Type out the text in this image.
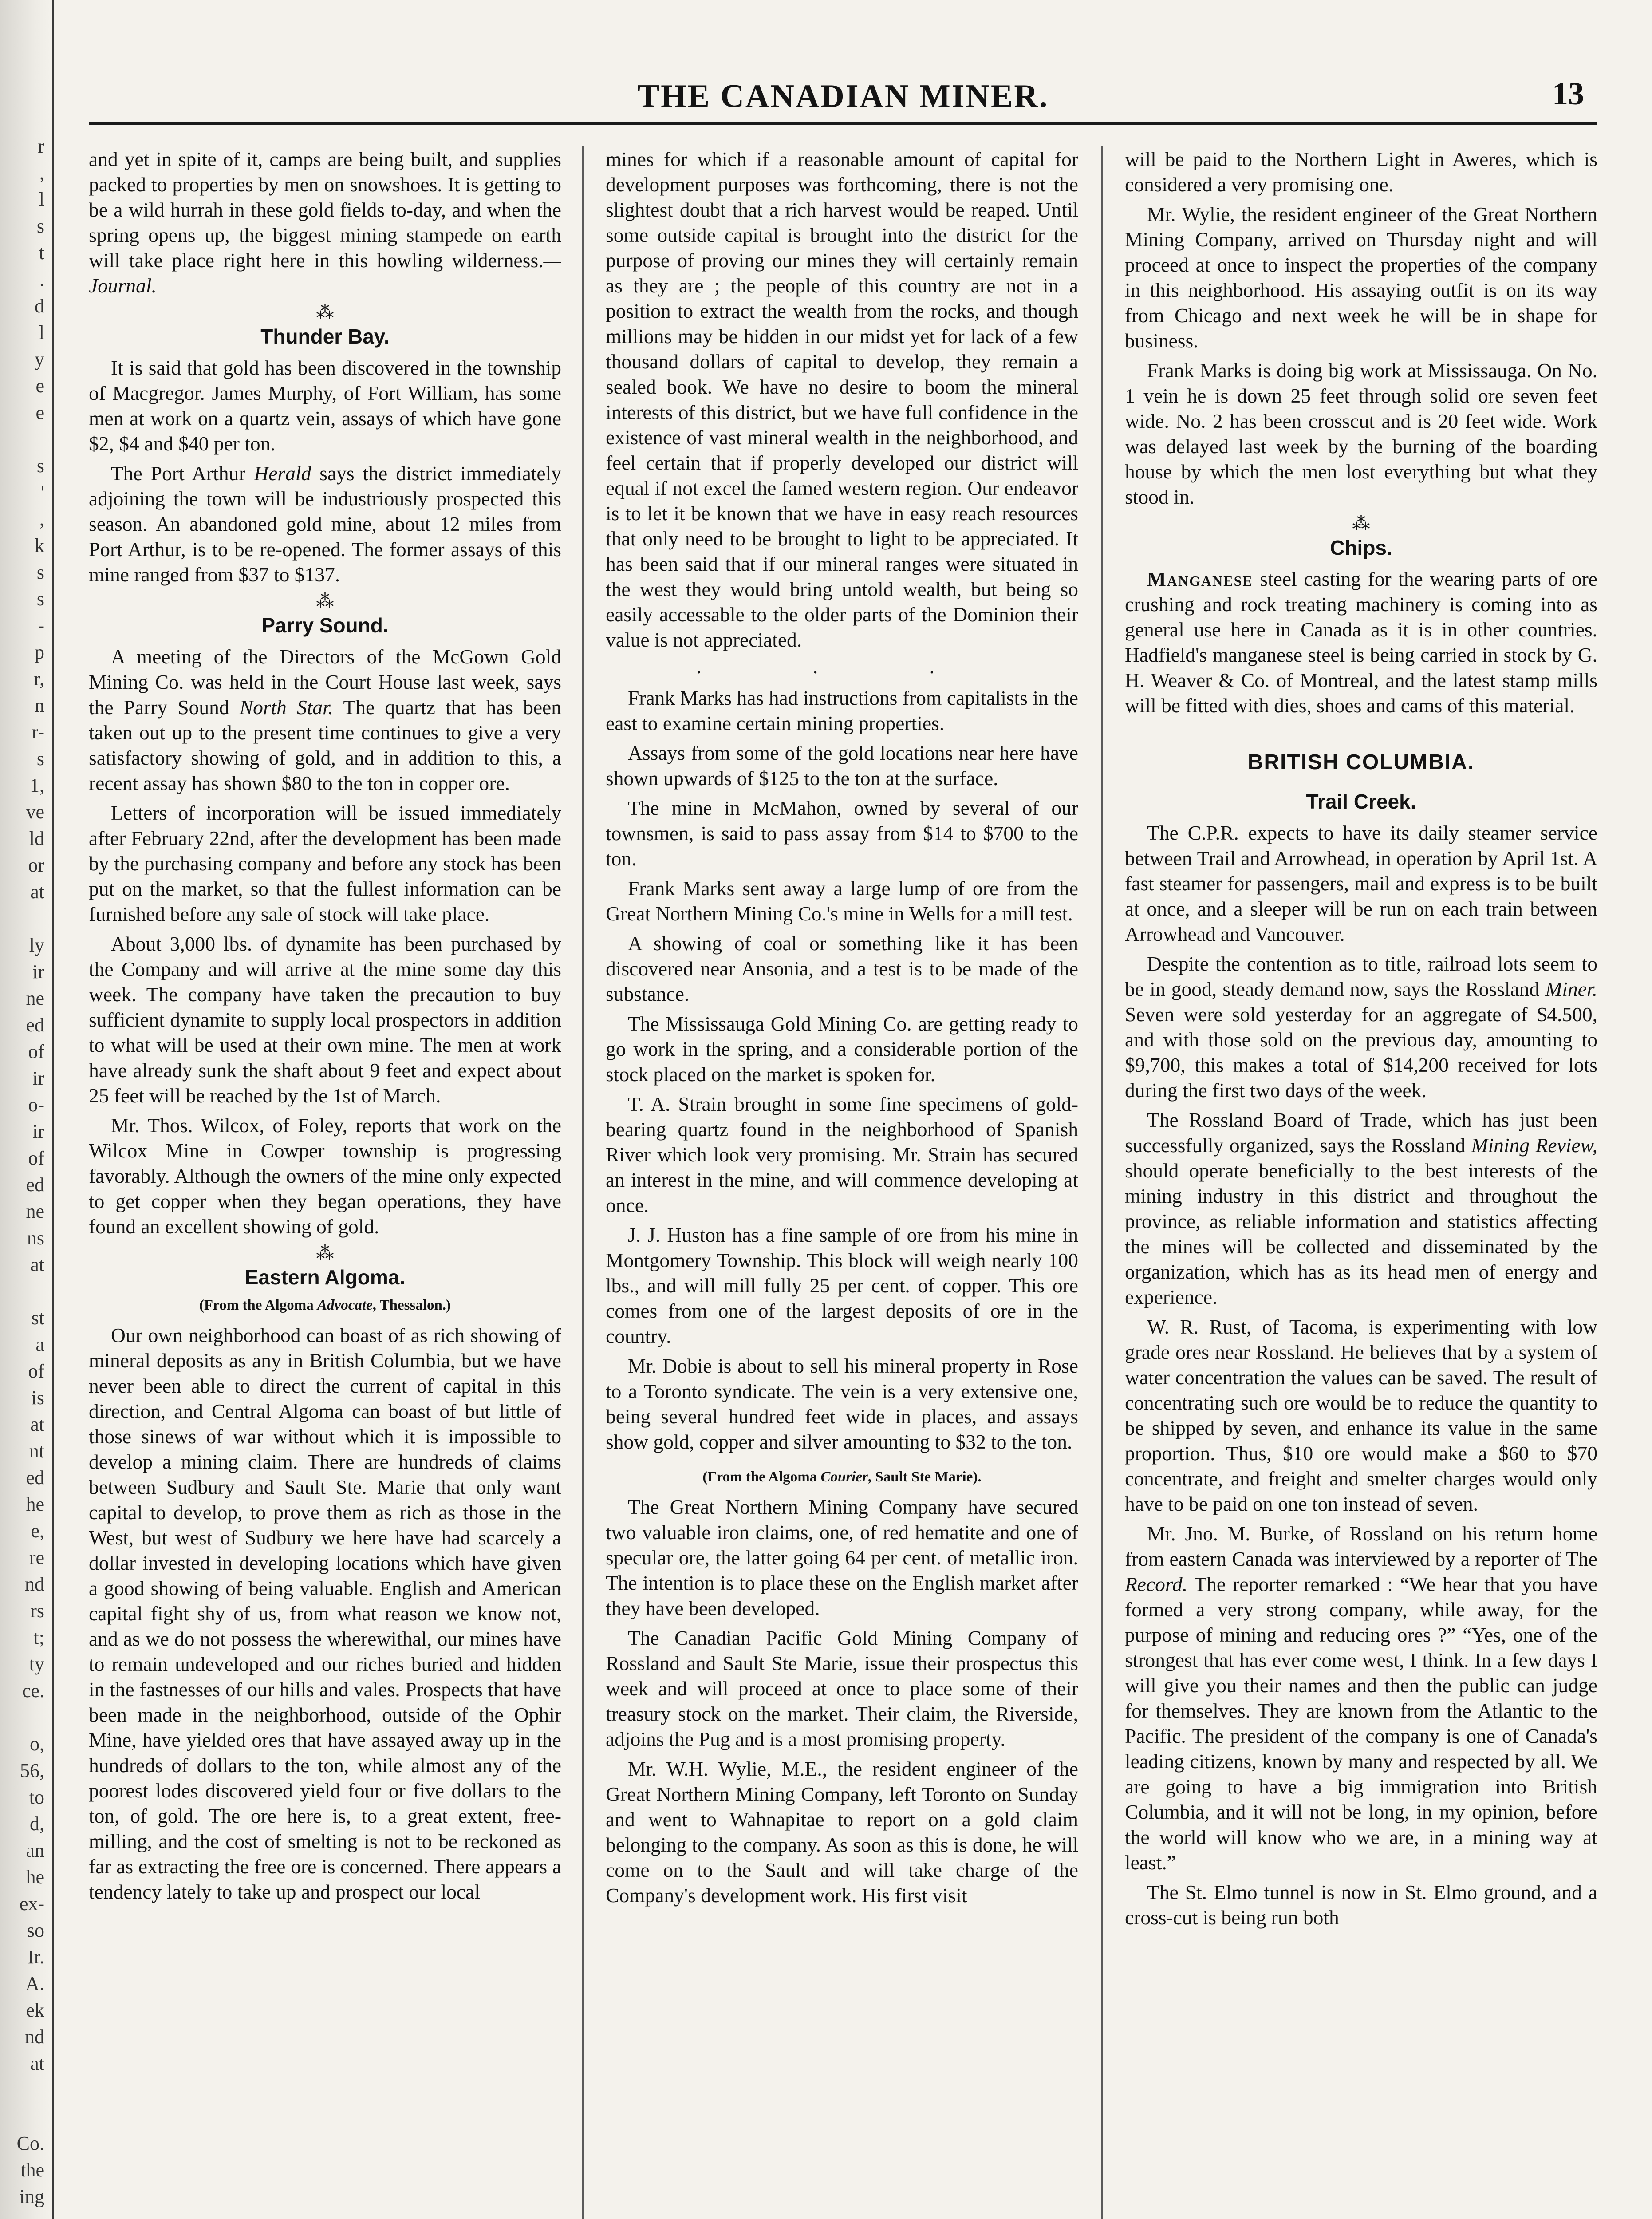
r
,
l
s
t
.
d
l
y
e
e
s
'
,
k
s
s
-
p
r,
n
r-
s
1,
ve
ld
or
at
ly
ir
ne
ed
of
ir
o-
ir
of
ed
ne
ns
at
st
a
of
is
at
nt
ed
he
e,
re
nd
rs
t;
ty
ce.
o,
56,
to
d,
an
he
ex-
so
Ir.
A.
ek
nd
at
Co.
the
ing
THE CANADIAN MINER.	13

and yet in spite of it, camps are being built, and supplies packed to properties by men on snowshoes. It is getting to be a wild hurrah in these gold fields to-day, and when the spring opens up, the biggest mining stampede on earth will take place right here in this howling wilderness.—Journal.

⁂
Thunder Bay.

It is said that gold has been discovered in the township of Macgregor. James Murphy, of Fort William, has some men at work on a quartz vein, assays of which have gone $2, $4 and $40 per ton.

The Port Arthur Herald says the district immediately adjoining the town will be industriously prospected this season. An abandoned gold mine, about 12 miles from Port Arthur, is to be re-opened. The former assays of this mine ranged from $37 to $137.

⁂
Parry Sound.

A meeting of the Directors of the McGown Gold Mining Co. was held in the Court House last week, says the Parry Sound North Star. The quartz that has been taken out up to the present time continues to give a very satisfactory showing of gold, and in addition to this, a recent assay has shown $80 to the ton in copper ore.

Letters of incorporation will be issued immediately after February 22nd, after the development has been made by the purchasing company and before any stock has been put on the market, so that the fullest information can be furnished before any sale of stock will take place.

About 3,000 lbs. of dynamite has been purchased by the Company and will arrive at the mine some day this week. The company have taken the precaution to buy sufficient dynamite to supply local prospectors in addition to what will be used at their own mine. The men at work have already sunk the shaft about 9 feet and expect about 25 feet will be reached by the 1st of March.

Mr. Thos. Wilcox, of Foley, reports that work on the Wilcox Mine in Cowper township is progressing favorably. Although the owners of the mine only expected to get copper when they began operations, they have found an excellent showing of gold.

⁂
Eastern Algoma.
(From the Algoma Advocate, Thessalon.)

Our own neighborhood can boast of as rich showing of mineral deposits as any in British Columbia, but we have never been able to direct the current of capital in this direction, and Central Algoma can boast of but little of those sinews of war without which it is impossible to develop a mining claim. There are hundreds of claims between Sudbury and Sault Ste. Marie that only want capital to develop, to prove them as rich as those in the West, but west of Sudbury we here have had scarcely a dollar invested in developing locations which have given a good showing of being valuable. English and American capital fight shy of us, from what reason we know not, and as we do not possess the wherewithal, our mines have to remain undeveloped and our riches buried and hidden in the fastnesses of our hills and vales. Prospects that have been made in the neighborhood, outside of the Ophir Mine, have yielded ores that have assayed away up in the hundreds of dollars to the ton, while almost any of the poorest lodes discovered yield four or five dollars to the ton, of gold. The ore here is, to a great extent, free-milling, and the cost of smelting is not to be reckoned as far as extracting the free ore is concerned. There appears a tendency lately to take up and prospect our local

mines for which if a reasonable amount of capital for development purposes was forthcoming, there is not the slightest doubt that a rich harvest would be reaped. Until some outside capital is brought into the district for the purpose of proving our mines they will certainly remain as they are ; the people of this country are not in a position to extract the wealth from the rocks, and though millions may be hidden in our midst yet for lack of a few thousand dollars of capital to develop, they remain a sealed book. We have no desire to boom the mineral interests of this district, but we have full confidence in the existence of vast mineral wealth in the neighborhood, and feel certain that if properly developed our district will equal if not excel the famed western region. Our endeavor is to let it be known that we have in easy reach resources that only need to be brought to light to be appreciated. It has been said that if our mineral ranges were situated in the west they would bring untold wealth, but being so easily accessable to the older parts of the Dominion their value is not appreciated.

. . .

Frank Marks has had instructions from capitalists in the east to examine certain mining properties.

Assays from some of the gold locations near here have shown upwards of $125 to the ton at the surface.

The mine in McMahon, owned by several of our townsmen, is said to pass assay from $14 to $700 to the ton.

Frank Marks sent away a large lump of ore from the Great Northern Mining Co.'s mine in Wells for a mill test.

A showing of coal or something like it has been discovered near Ansonia, and a test is to be made of the substance.

The Mississauga Gold Mining Co. are getting ready to go work in the spring, and a considerable portion of the stock placed on the market is spoken for.

T. A. Strain brought in some fine specimens of gold-bearing quartz found in the neighborhood of Spanish River which look very promising. Mr. Strain has secured an interest in the mine, and will commence developing at once.

J. J. Huston has a fine sample of ore from his mine in Montgomery Township. This block will weigh nearly 100 lbs., and will mill fully 25 per cent. of copper. This ore comes from one of the largest deposits of ore in the country.

Mr. Dobie is about to sell his mineral property in Rose to a Toronto syndicate. The vein is a very extensive one, being several hundred feet wide in places, and assays show gold, copper and silver amounting to $32 to the ton.

(From the Algoma Courier, Sault Ste Marie).

The Great Northern Mining Company have secured two valuable iron claims, one, of red hematite and one of specular ore, the latter going 64 per cent. of metallic iron. The intention is to place these on the English market after they have been developed.

The Canadian Pacific Gold Mining Company of Rossland and Sault Ste Marie, issue their prospectus this week and will proceed at once to place some of their treasury stock on the market. Their claim, the Riverside, adjoins the Pug and is a most promising property.

Mr. W.H. Wylie, M.E., the resident engineer of the Great Northern Mining Company, left Toronto on Sunday and went to Wahnapitae to report on a gold claim belonging to the company. As soon as this is done, he will come on to the Sault and will take charge of the Company's development work. His first visit

will be paid to the Northern Light in Aweres, which is considered a very promising one.

Mr. Wylie, the resident engineer of the Great Northern Mining Company, arrived on Thursday night and will proceed at once to inspect the properties of the company in this neighborhood. His assaying outfit is on its way from Chicago and next week he will be in shape for business.

Frank Marks is doing big work at Mississauga. On No. 1 vein he is down 25 feet through solid ore seven feet wide. No. 2 has been crosscut and is 20 feet wide. Work was delayed last week by the burning of the boarding house by which the men lost everything but what they stood in.

⁂
Chips.

Manganese steel casting for the wearing parts of ore crushing and rock treating machinery is coming into as general use here in Canada as it is in other countries. Hadfield's manganese steel is being carried in stock by G. H. Weaver & Co. of Montreal, and the latest stamp mills will be fitted with dies, shoes and cams of this material.

BRITISH COLUMBIA.
Trail Creek.

The C.P.R. expects to have its daily steamer service between Trail and Arrowhead, in operation by April 1st. A fast steamer for passengers, mail and express is to be built at once, and a sleeper will be run on each train between Arrowhead and Vancouver.

Despite the contention as to title, railroad lots seem to be in good, steady demand now, says the Rossland Miner. Seven were sold yesterday for an aggregate of $4.500, and with those sold on the previous day, amounting to $9,700, this makes a total of $14,200 received for lots during the first two days of the week.

The Rossland Board of Trade, which has just been successfully organized, says the Rossland Mining Review, should operate beneficially to the best interests of the mining industry in this district and throughout the province, as reliable information and statistics affecting the mines will be collected and disseminated by the organization, which has as its head men of energy and experience.

W. R. Rust, of Tacoma, is experimenting with low grade ores near Rossland. He believes that by a system of water concentration the values can be saved. The result of concentrating such ore would be to reduce the quantity to be shipped by seven, and enhance its value in the same proportion. Thus, $10 ore would make a $60 to $70 concentrate, and freight and smelter charges would only have to be paid on one ton instead of seven.

Mr. Jno. M. Burke, of Rossland on his return home from eastern Canada was interviewed by a reporter of The Record. The reporter remarked : “We hear that you have formed a very strong company, while away, for the purpose of mining and reducing ores ?” “Yes, one of the strongest that has ever come west, I think. In a few days I will give you their names and then the public can judge for themselves. They are known from the Atlantic to the Pacific. The president of the company is one of Canada's leading citizens, known by many and respected by all. We are going to have a big immigration into British Columbia, and it will not be long, in my opinion, before the world will know who we are, in a mining way at least.”

The St. Elmo tunnel is now in St. Elmo ground, and a cross-cut is being run both
